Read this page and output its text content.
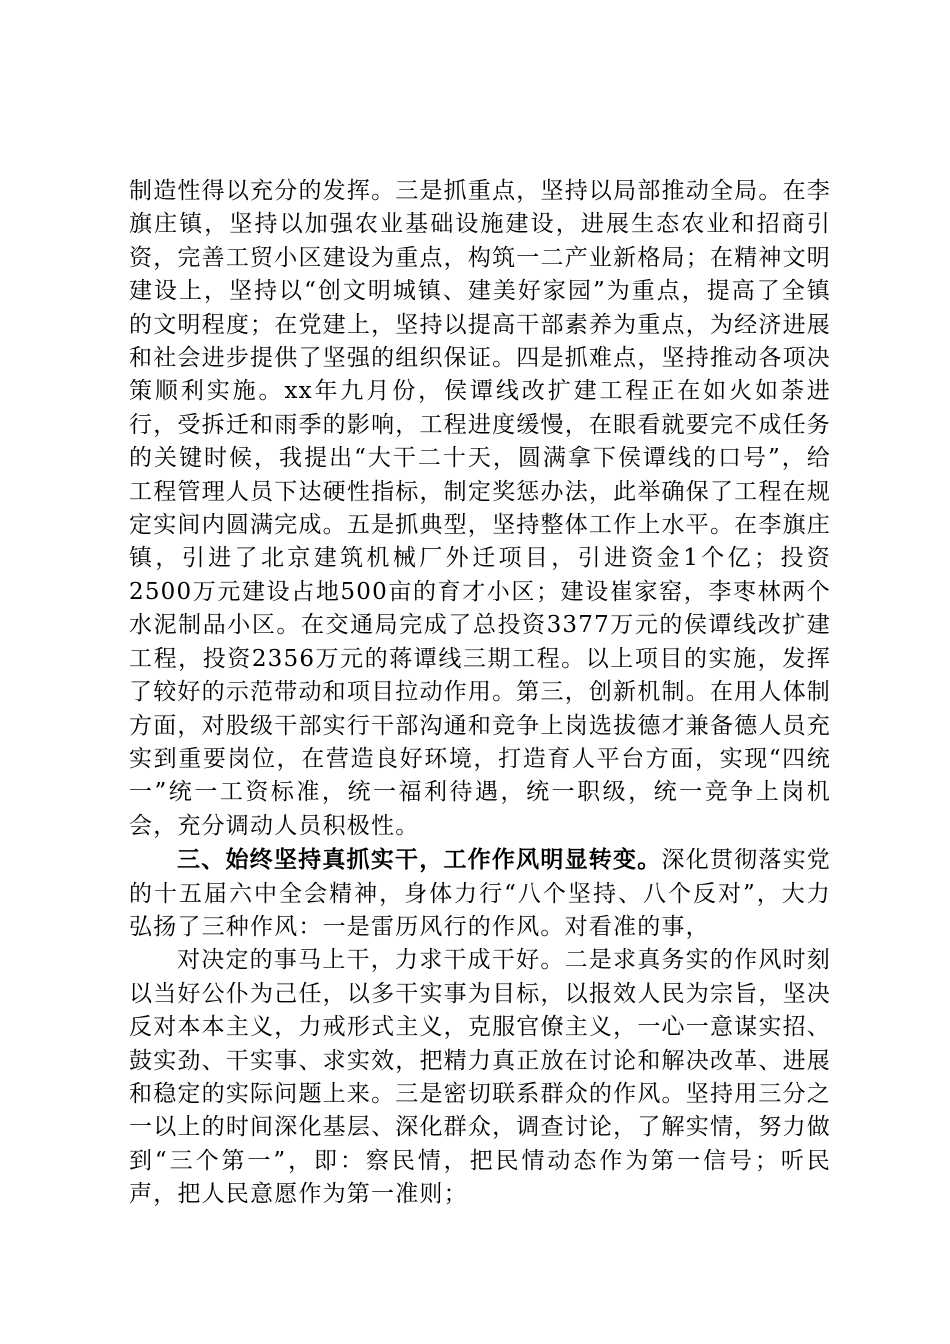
制造性得以充分的发挥。三是抓重点，坚持以局部推动全局。在李旗庄镇，坚持以加强农业基础设施建设，进展生态农业和招商引资，完善工贸小区建设为重点，构筑一二产业新格局；在精神文明建设上，坚持以“创文明城镇、建美好家园”为重点，提高了全镇的文明程度；在党建上，坚持以提高干部素养为重点，为经济进展和社会进步提供了坚强的组织保证。四是抓难点，坚持推动各项决策顺利实施。xx年九月份，侯谭线改扩建工程正在如火如荼进行，受拆迁和雨季的影响，工程进度缓慢，在眼看就要完不成任务的关键时候，我提出“大干二十天，圆满拿下侯谭线的口号”，给工程管理人员下达硬性指标，制定奖惩办法，此举确保了工程在规定实间内圆满完成。五是抓典型，坚持整体工作上水平。在李旗庄镇，引进了北京建筑机械厂外迁项目，引进资金1个亿；投资2500万元建设占地500亩的育才小区；建设崔家窑，李枣林两个水泥制品小区。在交通局完成了总投资3377万元的侯谭线改扩建工程，投资2356万元的蒋谭线三期工程。以上项目的实施，发挥了较好的示范带动和项目拉动作用。第三，创新机制。在用人体制方面，对股级干部实行干部沟通和竞争上岗选拔德才兼备德人员充实到重要岗位，在营造良好环境，打造育人平台方面，实现“四统一”统一工资标准，统一福利待遇，统一职级，统一竞争上岗机会，充分调动人员积极性。

三、始终坚持真抓实干，工作作风明显转变。深化贯彻落实党的十五届六中全会精神，身体力行“八个坚持、八个反对”，大力弘扬了三种作风：一是雷历风行的作风。对看准的事，

对决定的事马上干，力求干成干好。二是求真务实的作风时刻以当好公仆为己任，以多干实事为目标，以报效人民为宗旨，坚决反对本本主义，力戒形式主义，克服官僚主义，一心一意谋实招、鼓实劲、干实事、求实效，把精力真正放在讨论和解决改革、进展和稳定的实际问题上来。三是密切联系群众的作风。坚持用三分之一以上的时间深化基层、深化群众，调查讨论，了解实情，努力做到“三个第一”，即：察民情，把民情动态作为第一信号；听民声，把人民意愿作为第一准则；
